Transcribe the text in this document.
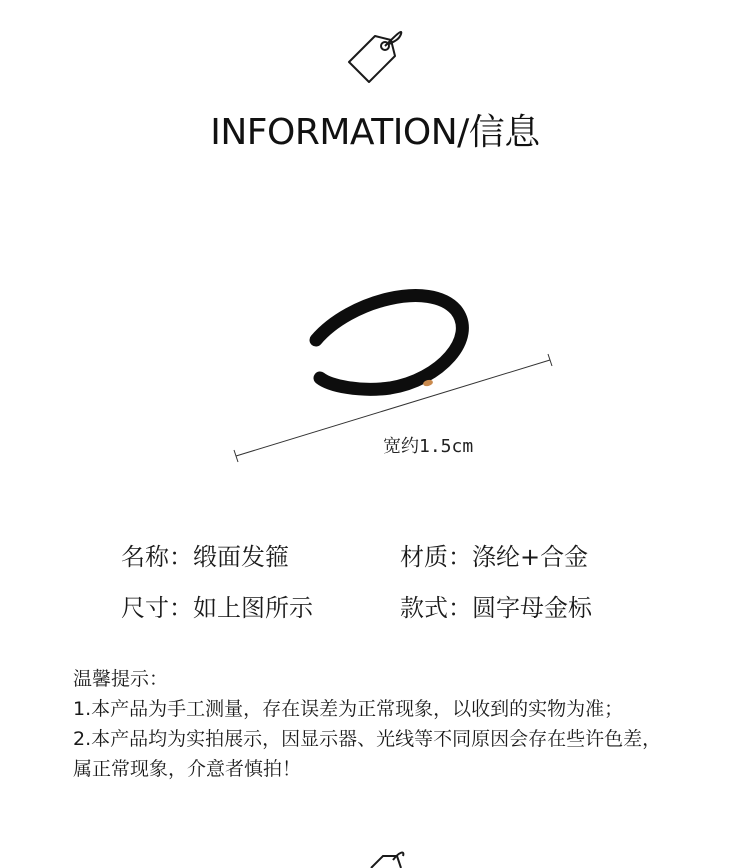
INFORMATION/信息
宽约1.5cm
名称：缎面发箍	材质：涤纶+合金
尺寸：如上图所示	款式：圆字母金标
温馨提示：
1.本产品为手工测量，存在误差为正常现象，以收到的实物为准；
2.本产品均为实拍展示，因显示器、光线等不同原因会存在些许色差，
属正常现象，介意者慎拍！
